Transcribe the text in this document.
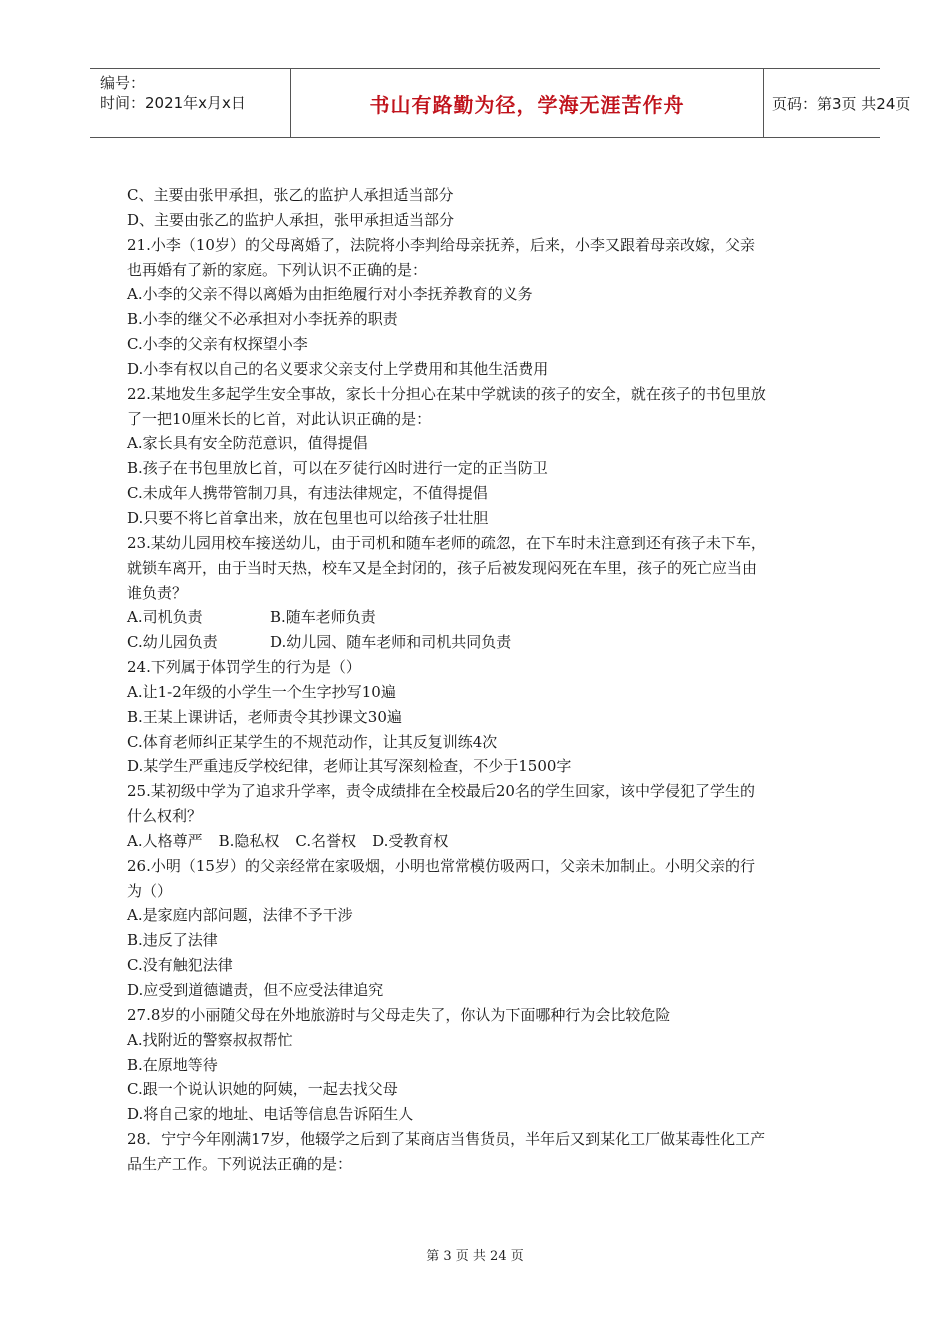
编号：
时间：2021年x月x日	书山有路勤为径，学海无涯苦作舟	页码：第3页 共24页
C、主要由张甲承担，张乙的监护人承担适当部分
D、主要由张乙的监护人承担，张甲承担适当部分
21.小李（10岁）的父母离婚了，法院将小李判给母亲抚养，后来，小李又跟着母亲改嫁，父亲
也再婚有了新的家庭。下列认识不正确的是：
A.小李的父亲不得以离婚为由拒绝履行对小李抚养教育的义务
B.小李的继父不必承担对小李抚养的职责
C.小李的父亲有权探望小李
D.小李有权以自己的名义要求父亲支付上学费用和其他生活费用
22.某地发生多起学生安全事故，家长十分担心在某中学就读的孩子的安全，就在孩子的书包里放
了一把10厘米长的匕首，对此认识正确的是：
A.家长具有安全防范意识，值得提倡
B.孩子在书包里放匕首，可以在歹徒行凶时进行一定的正当防卫
C.未成年人携带管制刀具，有违法律规定，不值得提倡
D.只要不将匕首拿出来，放在包里也可以给孩子壮壮胆
23.某幼儿园用校车接送幼儿，由于司机和随车老师的疏忽，在下车时未注意到还有孩子未下车，
就锁车离开，由于当时天热，校车又是全封闭的，孩子后被发现闷死在车里，孩子的死亡应当由
谁负责？
A.司机负责	B.随车老师负责
C.幼儿园负责	D.幼儿园、随车老师和司机共同负责
24.下列属于体罚学生的行为是（）
A.让1-2年级的小学生一个生字抄写10遍
B.王某上课讲话，老师责令其抄课文30遍
C.体育老师纠正某学生的不规范动作，让其反复训练4次
D.某学生严重违反学校纪律，老师让其写深刻检查，不少于1500字
25.某初级中学为了追求升学率，责令成绩排在全校最后20名的学生回家，该中学侵犯了学生的
什么权利？
A.人格尊严 B.隐私权 C.名誉权 D.受教育权
26.小明（15岁）的父亲经常在家吸烟，小明也常常模仿吸两口，父亲未加制止。小明父亲的行
为（）
A.是家庭内部问题，法律不予干涉
B.违反了法律
C.没有触犯法律
D.应受到道德谴责，但不应受法律追究
27.8岁的小丽随父母在外地旅游时与父母走失了，你认为下面哪种行为会比较危险
A.找附近的警察叔叔帮忙
B.在原地等待
C.跟一个说认识她的阿姨，一起去找父母
D.将自己家的地址、电话等信息告诉陌生人
28．宁宁今年刚满17岁，他辍学之后到了某商店当售货员，半年后又到某化工厂做某毒性化工产
品生产工作。下列说法正确的是：
第 3 页 共 24 页
